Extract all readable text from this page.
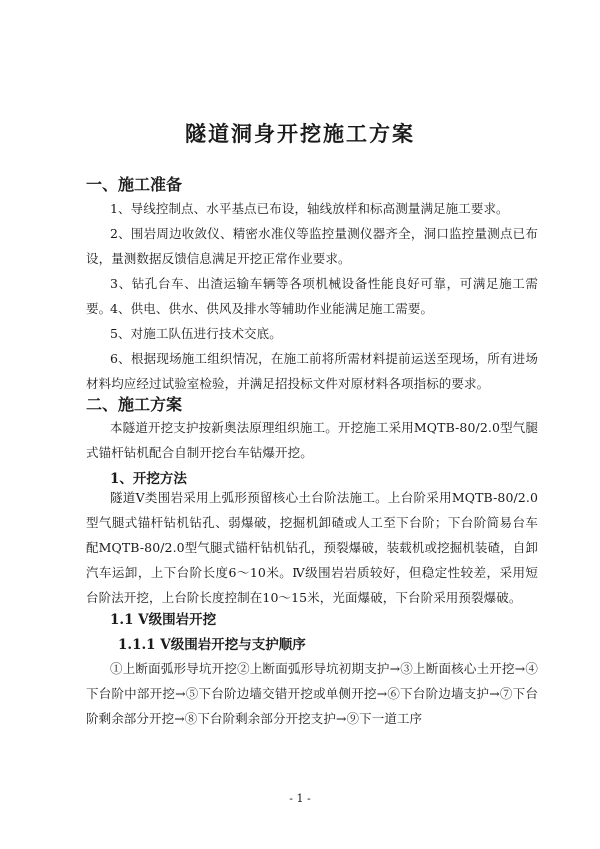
隧道洞身开挖施工方案
一、施工准备

1、导线控制点、水平基点已布设，轴线放样和标高测量满足施工要求。

2、围岩周边收敛仪、精密水准仪等监控量测仪器齐全，洞口监控量测点已布设，量测数据反馈信息满足开挖正常作业要求。

3、钻孔台车、出渣运输车辆等各项机械设备性能良好可靠，可满足施工需要。

4、供电、供水、供风及排水等辅助作业能满足施工需要。

5、对施工队伍进行技术交底。

6、根据现场施工组织情况，在施工前将所需材料提前运送至现场，所有进场材料均应经过试验室检验，并满足招投标文件对原材料各项指标的要求。

二、施工方案

本隧道开挖支护按新奥法原理组织施工。开挖施工采用MQTB-80/2.0型气腿式锚杆钻机配合自制开挖台车钻爆开挖。

1、开挖方法

隧道Ⅴ类围岩采用上弧形预留核心土台阶法施工。上台阶采用MQTB-80/2.0型气腿式锚杆钻机钻孔、弱爆破，挖掘机卸碴或人工至下台阶；下台阶简易台车配MQTB-80/2.0型气腿式锚杆钻机钻孔，预裂爆破，装载机或挖掘机装碴，自卸汽车运卸，上下台阶长度6～10米。Ⅳ级围岩岩质较好，但稳定性较差，采用短台阶法开挖，上台阶长度控制在10～15米，光面爆破，下台阶采用预裂爆破。

1.1 Ⅴ级围岩开挖
1.1.1 Ⅴ级围岩开挖与支护顺序

①上断面弧形导坑开挖②上断面弧形导坑初期支护→③上断面核心土开挖→④下台阶中部开挖→⑤下台阶边墙交错开挖或单侧开挖→⑥下台阶边墙支护→⑦下台阶剩余部分开挖→⑧下台阶剩余部分开挖支护→⑨下一道工序

- 1 -
